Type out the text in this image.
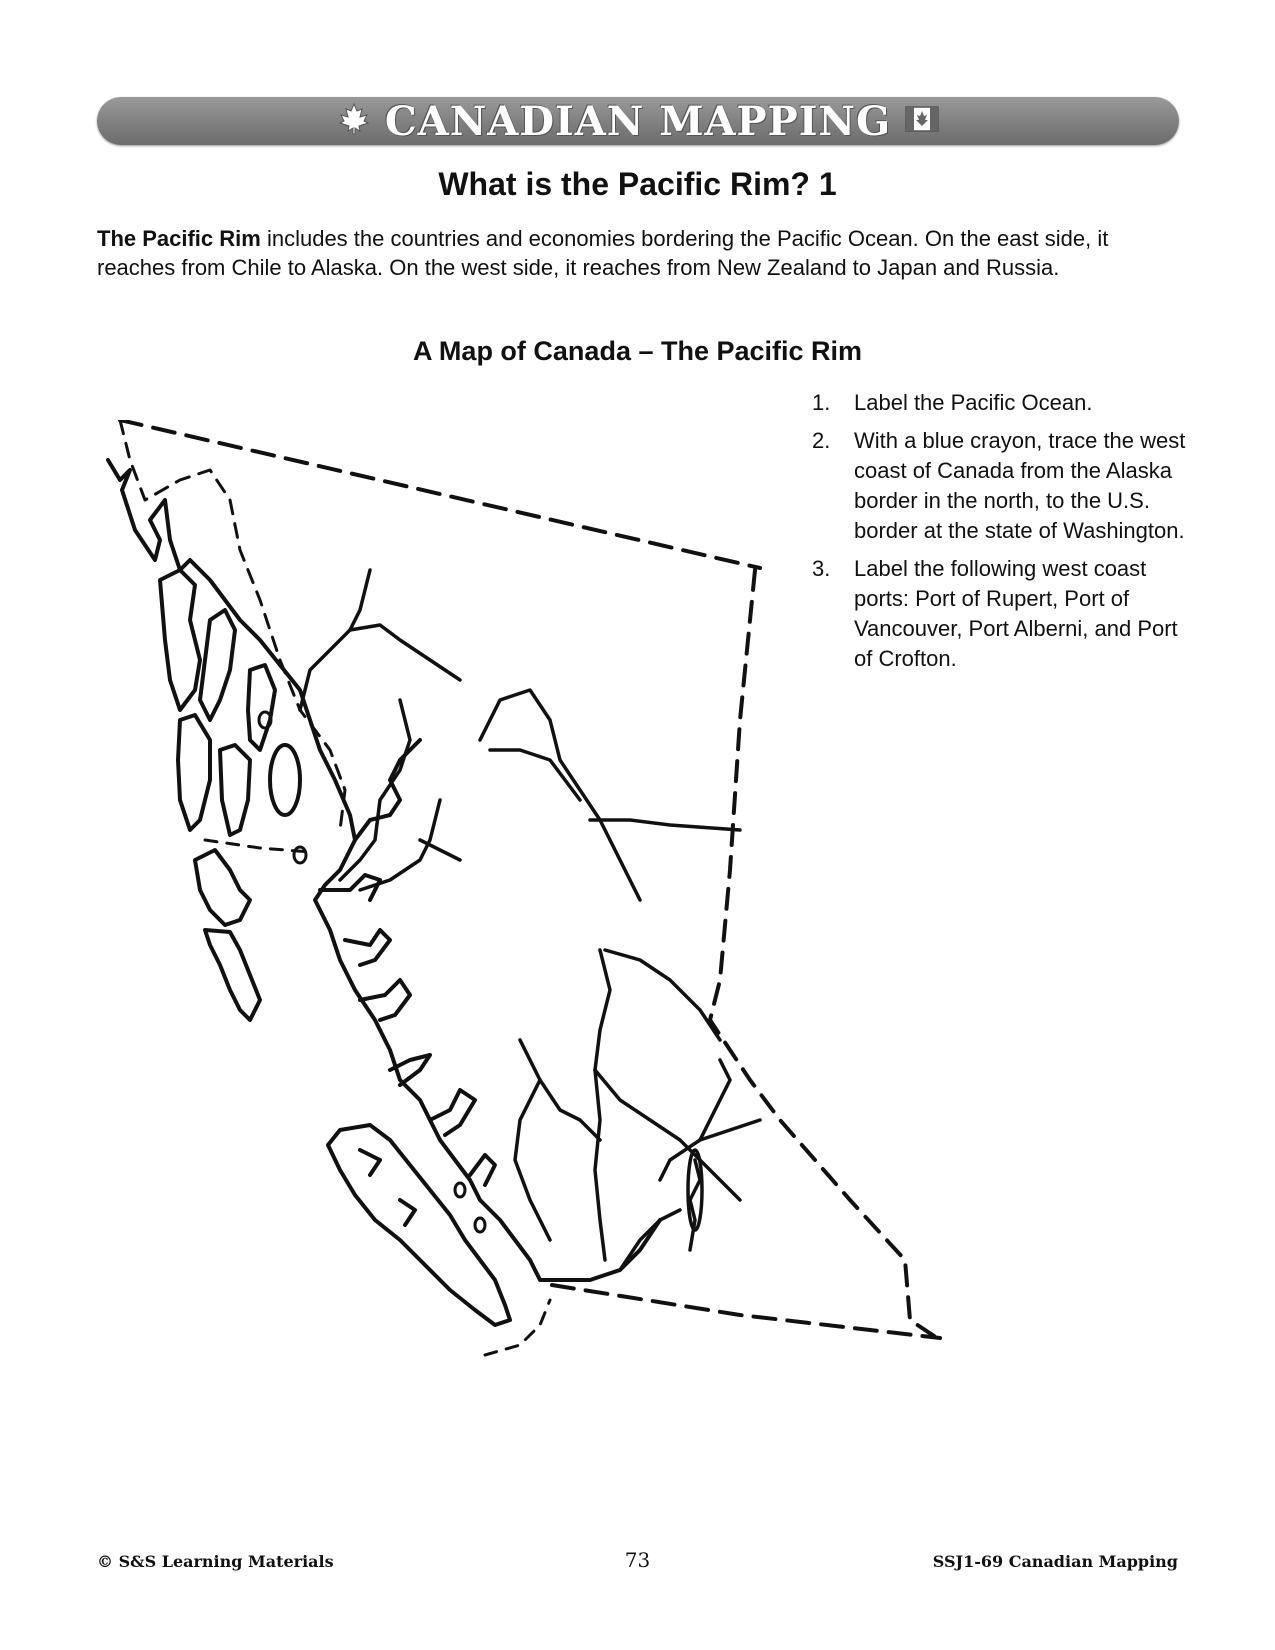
CANADIAN MAPPING
What is the Pacific Rim? 1
The Pacific Rim includes the countries and economies bordering the Pacific Ocean. On the east side, it reaches from Chile to Alaska. On the west side, it reaches from New Zealand to Japan and Russia.
A Map of Canada – The Pacific Rim
1.	Label the Pacific Ocean.
2.	With a blue crayon, trace the west coast of Canada from the Alaska border in the north, to the U.S. border at the state of Washington.
3.	Label the following west coast ports: Port of Rupert, Port of Vancouver, Port Alberni, and Port of Crofton.
© S&S Learning Materials	73	SSJ1-69 Canadian Mapping
